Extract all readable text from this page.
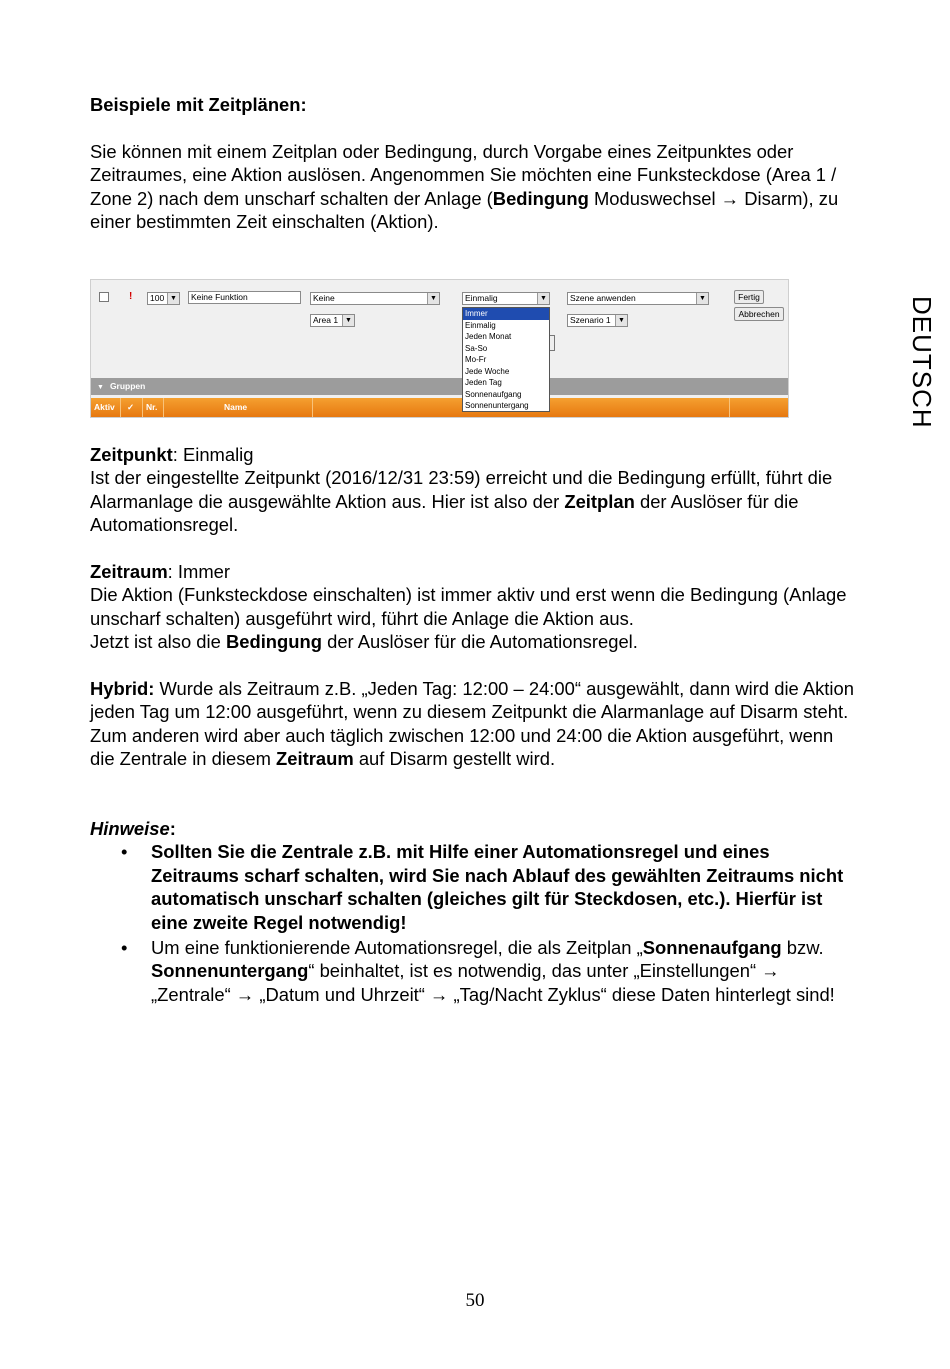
Beispiele mit Zeitplänen:

Sie können mit einem Zeitplan oder Bedingung, durch Vorgabe eines Zeitpunktes oder Zeitraumes, eine Aktion auslösen. Angenommen Sie möchten eine Funksteckdose (Area 1 / Zone 2) nach dem unscharf schalten der Anlage (Bedingung Moduswechsel → Disarm), zu einer bestimmten Zeit einschalten (Aktion).

DEUTSCH
!	100 ▼	Keine Funktion	Keine	▼
Area 1 ▼
Einmalig	▼
Immer
Einmalig
Jeden Monat
Sa-So
Mo-Fr
Jede Woche
Jeden Tag
Sonnenaufgang
Sonnenuntergang
Szene anwenden	▼
Szenario 1	▼
Fertig
Abbrechen
▼ Gruppen
Aktiv ✓ Nr.	Name

Zeitpunkt: Einmalig

Ist der eingestellte Zeitpunkt (2016/12/31 23:59) erreicht und die Bedingung erfüllt, führt die Alarmanlage die ausgewählte Aktion aus. Hier ist also der Zeitplan der Auslöser für die Automationsregel.

Zeitraum: Immer

Die Aktion (Funksteckdose einschalten) ist immer aktiv und erst wenn die Bedingung (Anlage unscharf schalten) ausgeführt wird, führt die Anlage die Aktion aus.

Jetzt ist also die Bedingung der Auslöser für die Automationsregel.

Hybrid: Wurde als Zeitraum z.B. „Jeden Tag: 12:00 – 24:00“ ausgewählt, dann wird die Aktion jeden Tag um 12:00 ausgeführt, wenn zu diesem Zeitpunkt die Alarmanlage auf Disarm steht. Zum anderen wird aber auch täglich zwischen 12:00 und 24:00 die Aktion ausgeführt, wenn die Zentrale in diesem Zeitraum auf Disarm gestellt wird.

Hinweise:

• Sollten Sie die Zentrale z.B. mit Hilfe einer Automationsregel und eines Zeitraums scharf schalten, wird Sie nach Ablauf des gewählten Zeitraums nicht automatisch unscharf schalten (gleiches gilt für Steckdosen, etc.). Hierfür ist eine zweite Regel notwendig!
• Um eine funktionierende Automationsregel, die als Zeitplan „Sonnenaufgang bzw. Sonnenuntergang“ beinhaltet, ist es notwendig, das unter „Einstellungen“ → „Zentrale“ → „Datum und Uhrzeit“ → „Tag/Nacht Zyklus“ diese Daten hinterlegt sind!
50
